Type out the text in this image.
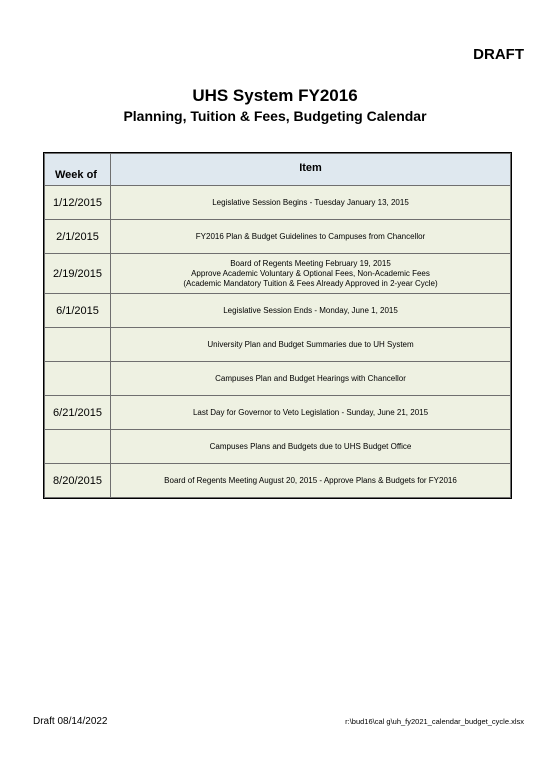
DRAFT
UHS System FY2016
Planning, Tuition & Fees, Budgeting Calendar
Week of	Item
1/12/2015	Legislative Session Begins - Tuesday January 13, 2015

2/1/2015	FY2016 Plan & Budget Guidelines to Campuses from Chancellor

2/19/2015	Board of Regents Meeting February 19, 2015
Approve Academic Voluntary & Optional Fees, Non-Academic Fees
(Academic Mandatory Tuition & Fees Already Approved in 2-year Cycle)

6/1/2015	Legislative Session Ends - Monday, June 1, 2015

	University Plan and Budget Summaries due to UH System

	Campuses Plan and Budget Hearings with Chancellor

6/21/2015	Last Day for Governor to Veto Legislation - Sunday, June 21, 2015

	Campuses Plans and Budgets due to UHS Budget Office

8/20/2015	Board of Regents Meeting August 20, 2015 - Approve Plans & Budgets for FY2016
Draft 08/14/2022	r:\bud16\cal g\uh_fy2021_calendar_budget_cycle.xlsx
